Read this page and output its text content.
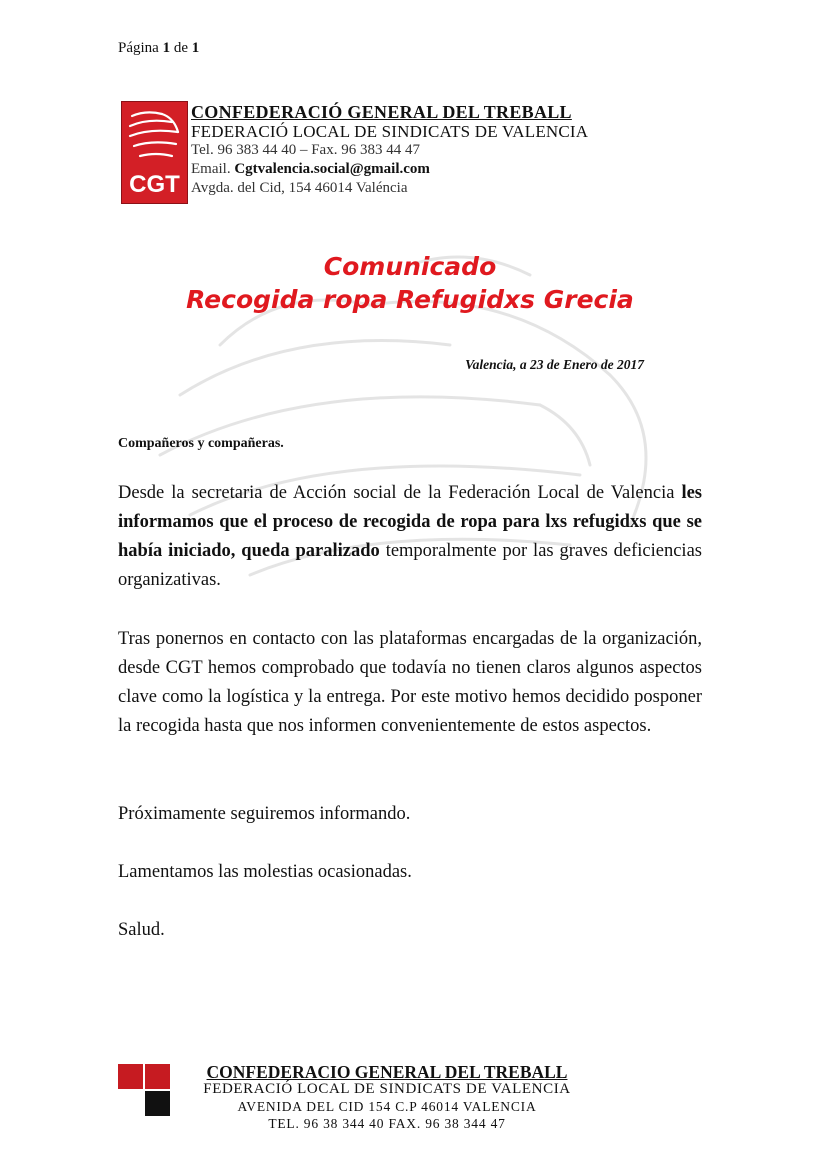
Página 1 de 1
CGT
CONFEDERACIÓ GENERAL DEL TREBALL
FEDERACIÓ LOCAL DE SINDICATS DE VALENCIA
Tel. 96 383 44 40 – Fax. 96 383 44 47
Email. Cgtvalencia.social@gmail.com
Avgda. del Cid, 154 46014 Valéncia
Comunicado
Recogida ropa Refugidxs Grecia
Valencia, a 23 de Enero de 2017
Compañeros y compañeras.
Desde la secretaria de Acción social de la Federación Local de Valencia les informamos que el proceso de recogida de ropa para lxs refugidxs que se había iniciado, queda paralizado temporalmente por las graves deficiencias organizativas.
Tras ponernos en contacto con las plataformas encargadas de la organización, desde CGT hemos comprobado que todavía no tienen claros algunos aspectos clave como la logística y la entrega. Por este motivo hemos decidido posponer la recogida hasta que nos informen convenientemente de estos aspectos.
Próximamente seguiremos informando.
Lamentamos las molestias ocasionadas.
Salud.
CONFEDERACIO GENERAL DEL TREBALL
FEDERACIÓ LOCAL DE SINDICATS DE VALENCIA
AVENIDA DEL CID 154 C.P 46014 VALENCIA
TEL. 96 38 344 40 FAX. 96 38 344 47
